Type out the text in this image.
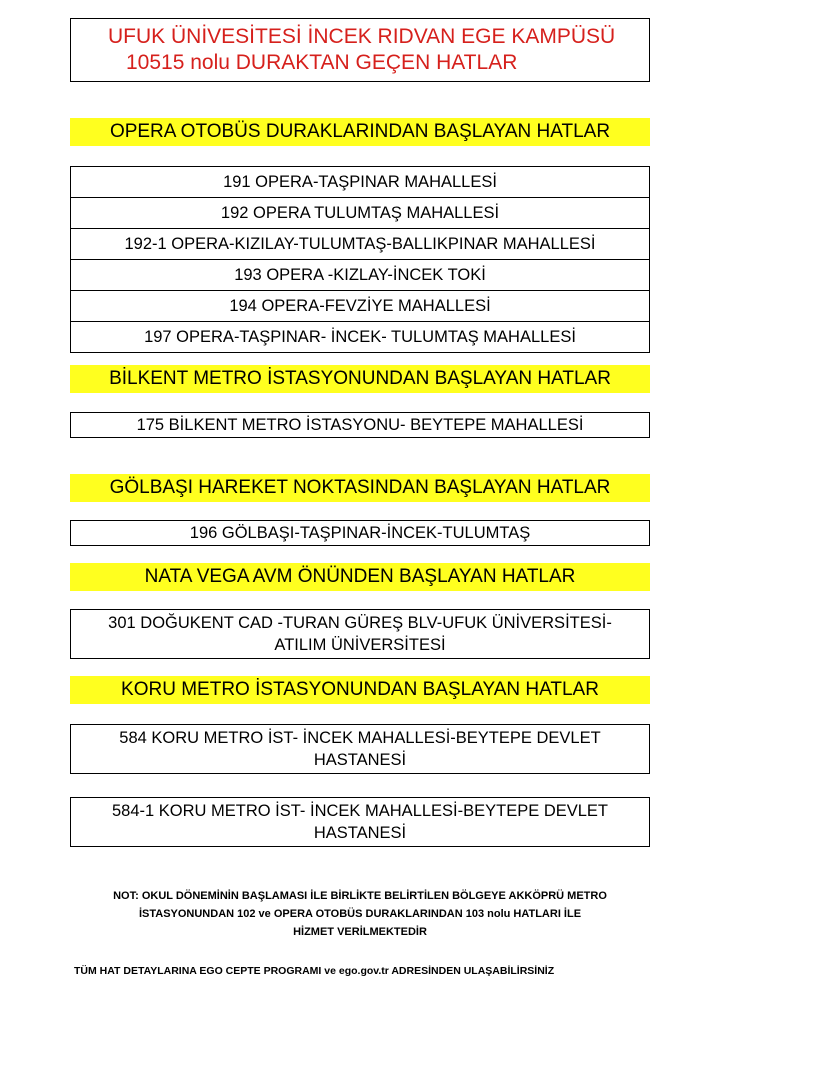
UFUK ÜNİVESİTESİ İNCEK RIDVAN EGE KAMPÜSÜ
10515 nolu DURAKTAN GEÇEN HATLAR
OPERA OTOBÜS DURAKLARINDAN BAŞLAYAN HATLAR
191 OPERA-TAŞPINAR MAHALLESİ
192 OPERA TULUMTAŞ MAHALLESİ
192-1 OPERA-KIZILAY-TULUMTAŞ-BALLIKPINAR MAHALLESİ
193 OPERA -KIZLAY-İNCEK TOKİ
194 OPERA-FEVZİYE MAHALLESİ
197 OPERA-TAŞPINAR- İNCEK- TULUMTAŞ MAHALLESİ
BİLKENT METRO İSTASYONUNDAN BAŞLAYAN HATLAR
175 BİLKENT METRO İSTASYONU- BEYTEPE MAHALLESİ
GÖLBAŞI HAREKET NOKTASINDAN BAŞLAYAN HATLAR
196 GÖLBAŞI-TAŞPINAR-İNCEK-TULUMTAŞ
NATA VEGA AVM ÖNÜNDEN BAŞLAYAN HATLAR
301 DOĞUKENT CAD -TURAN GÜREŞ BLV-UFUK ÜNİVERSİTESİ-
ATILIM ÜNİVERSİTESİ
KORU METRO İSTASYONUNDAN BAŞLAYAN HATLAR
584 KORU METRO İST- İNCEK MAHALLESİ-BEYTEPE DEVLET
HASTANESİ
584-1 KORU METRO İST- İNCEK MAHALLESİ-BEYTEPE DEVLET
HASTANESİ
NOT: OKUL DÖNEMİNİN BAŞLAMASI İLE BİRLİKTE BELİRTİLEN BÖLGEYE AKKÖPRÜ METRO
İSTASYONUNDAN 102 ve OPERA OTOBÜS DURAKLARINDAN 103 nolu HATLARI İLE
HİZMET VERİLMEKTEDİR
TÜM HAT DETAYLARINA EGO CEPTE PROGRAMI ve ego.gov.tr ADRESİNDEN ULAŞABİLİRSİNİZ
